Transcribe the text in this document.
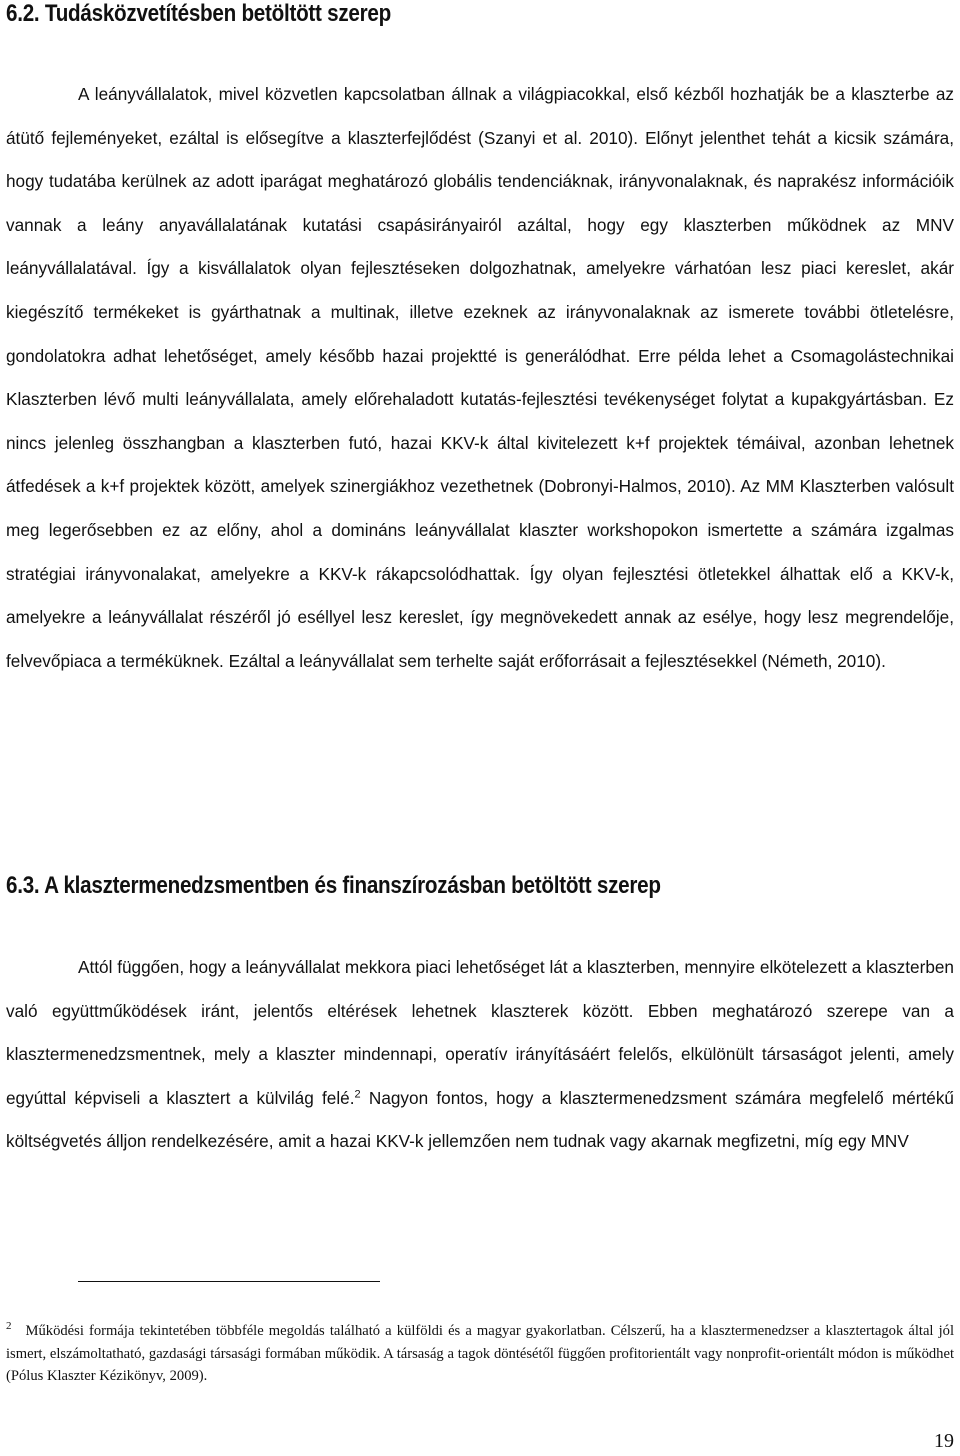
6.2. Tudásközvetítésben betöltött szerep

A leányvállalatok, mivel közvetlen kapcsolatban állnak a világpiacokkal, első kézből hozhatják be a klaszterbe az átütő fejleményeket, ezáltal is elősegítve a klaszterfejlődést (Szanyi et al. 2010). Előnyt jelenthet tehát a kicsik számára, hogy tudatába kerülnek az adott iparágat meghatározó globális tendenciáknak, irányvonalaknak, és naprakész információik vannak a leány anyavállalatának kutatási csapásirányairól azáltal, hogy egy klaszterben működnek az MNV leányvállalatával. Így a kisvállalatok olyan fejlesztéseken dolgozhatnak, amelyekre várhatóan lesz piaci kereslet, akár kiegészítő termékeket is gyárthatnak a multinak, illetve ezeknek az irányvonalaknak az ismerete további ötletelésre, gondolatokra adhat lehetőséget, amely később hazai projektté is generálódhat. Erre példa lehet a Csomagolástechnikai Klaszterben lévő multi leányvállalata, amely előrehaladott kutatás-fejlesztési tevékenységet folytat a kupakgyártásban. Ez nincs jelenleg összhangban a klaszterben futó, hazai KKV-k által kivitelezett k+f projektek témáival, azonban lehetnek átfedések a k+f projektek között, amelyek szinergiákhoz vezethetnek (Dobronyi-Halmos, 2010). Az MM Klaszterben valósult meg legerősebben ez az előny, ahol a domináns leányvállalat klaszter workshopokon ismertette a számára izgalmas stratégiai irányvonalakat, amelyekre a KKV-k rákapcsolódhattak. Így olyan fejlesztési ötletekkel álhattak elő a KKV-k, amelyekre a leányvállalat részéről jó eséllyel lesz kereslet, így megnövekedett annak az esélye, hogy lesz megrendelője, felvevőpiaca a terméküknek. Ezáltal a leányvállalat sem terhelte saját erőforrásait a fejlesztésekkel (Németh, 2010).

6.3. A klasztermenedzsmentben és finanszírozásban betöltött szerep

Attól függően, hogy a leányvállalat mekkora piaci lehetőséget lát a klaszterben, mennyire elkötelezett a klaszterben való együttműködések iránt, jelentős eltérések lehetnek klaszterek között. Ebben meghatározó szerepe van a klasztermenedzsmentnek, mely a klaszter mindennapi, operatív irányításáért felelős, elkülönült társaságot jelenti, amely egyúttal képviseli a klasztert a külvilág felé.$^2$ Nagyon fontos, hogy a klasztermenedzsment számára megfelelő mértékű költségvetés álljon rendelkezésére, amit a hazai KKV-k jellemzően nem tudnak vagy akarnak megfizetni, míg egy MNV

$^2$ Működési formája tekintetében többféle megoldás található a külföldi és a magyar gyakorlatban. Célszerű, ha a klasztermenedzser a klasztertagok által jól ismert, elszámoltatható, gazdasági társasági formában működik. A társaság a tagok döntésétől függően profitorientált vagy nonprofit-orientált módon is működhet (Pólus Klaszter Kézikönyv, 2009).

19
